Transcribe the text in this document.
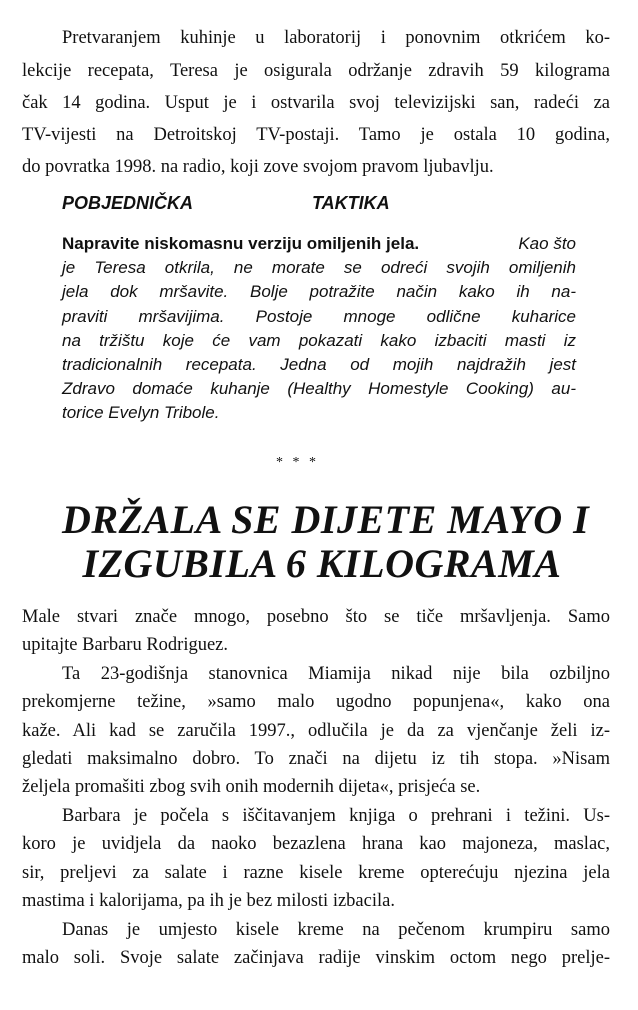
Pretvaranjem kuhinje u laboratorij i ponovnim otkrićem ko-
lekcije recepata, Teresa je osigurala održanje zdravih 59 kilograma
čak 14 godina. Usput je i ostvarila svoj televizijski san, radeći za
TV-vijesti na Detroitskoj TV-postaji. Tamo je ostala 10 godina,
do povratka 1998. na radio, koji zove svojom pravom ljubavlju.
POBJEDNIČKA	TAKTIKA
Napravite niskomasnu verziju omiljenih jela.	Kao što
je Teresa otkrila, ne morate se odreći svojih omiljenih
jela dok mršavite. Bolje potražite način kako ih na-
praviti mršavijima. Postoje mnoge odlične kuharice
na tržištu koje će vam pokazati kako izbaciti masti iz
tradicionalnih recepata. Jedna od mojih najdražih jest
Zdravo domaće kuhanje (Healthy Homestyle Cooking) au-
torice Evelyn Tribole.
* * *
DRŽALA SE DIJETE MAYO I
IZGUBILA 6 KILOGRAMA
Male stvari znače mnogo, posebno što se tiče mršavljenja. Samo
upitajte Barbaru Rodriguez.
Ta 23-godišnja stanovnica Miamija nikad nije bila ozbiljno
prekomjerne težine, »samo malo ugodno popunjena«, kako ona
kaže. Ali kad se zaručila 1997., odlučila je da za vjenčanje želi iz-
gledati maksimalno dobro. To znači na dijetu iz tih stopa. »Nisam
željela promašiti zbog svih onih modernih dijeta«, prisjeća se.
Barbara je počela s iščitavanjem knjiga o prehrani i težini. Us-
koro je uvidjela da naoko bezazlena hrana kao majoneza, maslac,
sir, preljevi za salate i razne kisele kreme opterećuju njezina jela
mastima i kalorijama, pa ih je bez milosti izbacila.
Danas je umjesto kisele kreme na pečenom krumpiru samo
malo soli. Svoje salate začinjava radije vinskim octom nego prelje-
